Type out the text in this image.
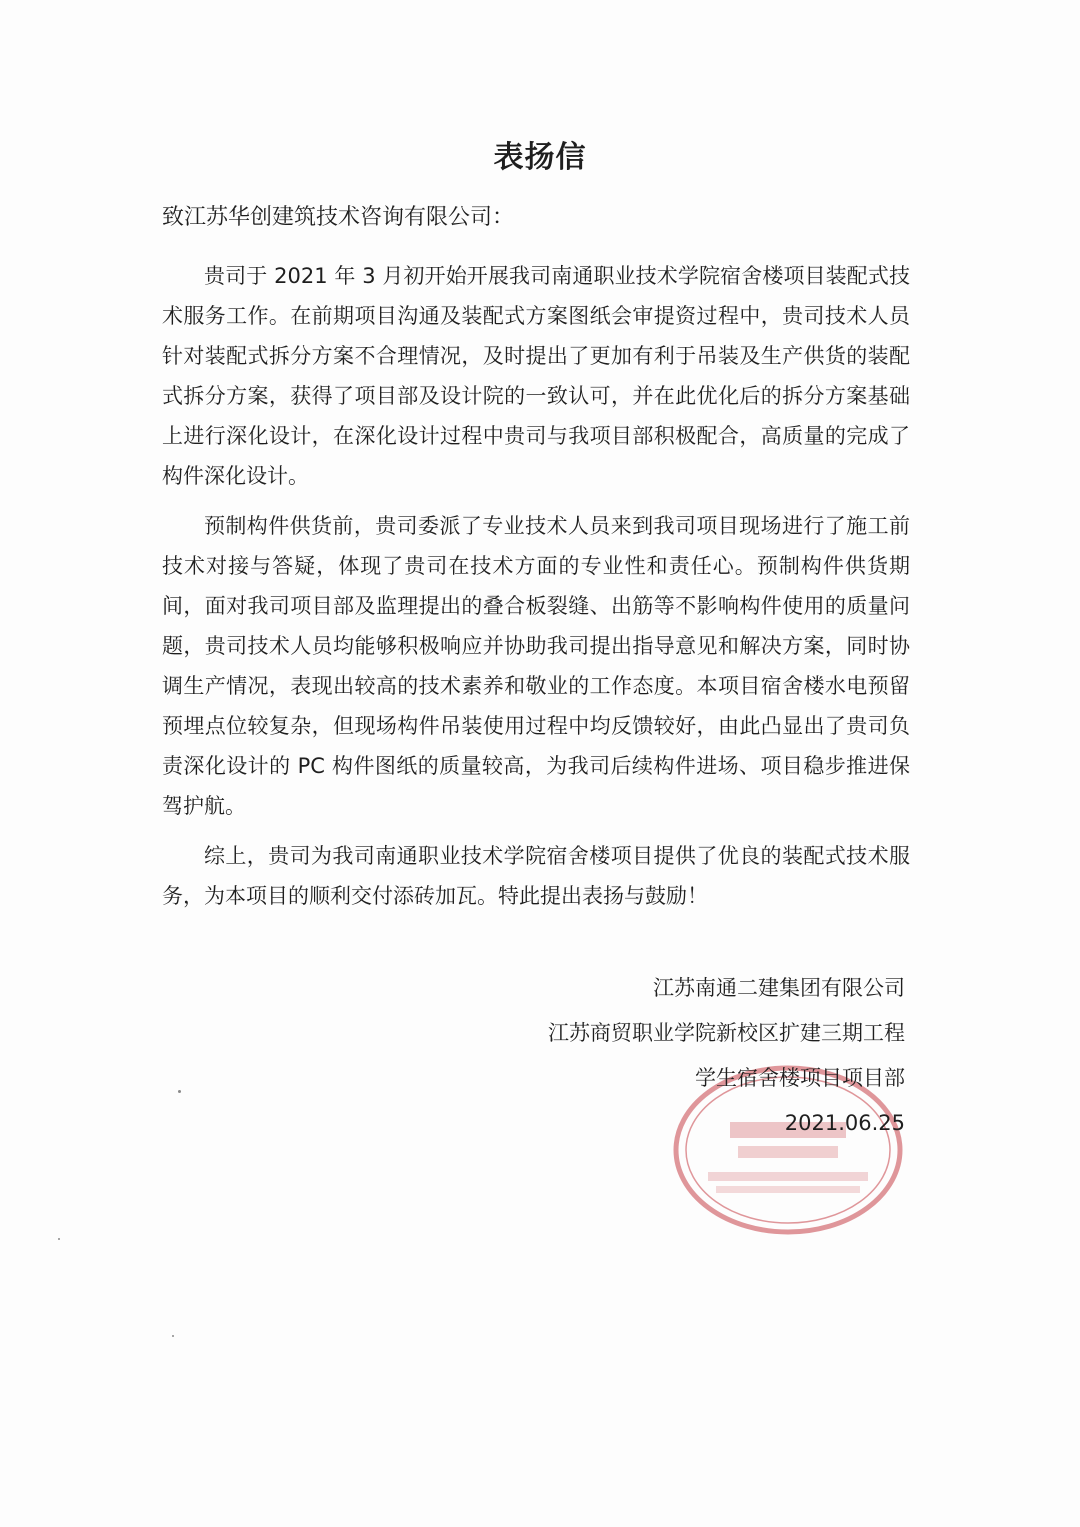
表扬信
致江苏华创建筑技术咨询有限公司：

贵司于 2021 年 3 月初开始开展我司南通职业技术学院宿舍楼项目装配式技术服务工作。在前期项目沟通及装配式方案图纸会审提资过程中，贵司技术人员针对装配式拆分方案不合理情况，及时提出了更加有利于吊装及生产供货的装配式拆分方案，获得了项目部及设计院的一致认可，并在此优化后的拆分方案基础上进行深化设计，在深化设计过程中贵司与我项目部积极配合，高质量的完成了构件深化设计。

预制构件供货前，贵司委派了专业技术人员来到我司项目现场进行了施工前技术对接与答疑，体现了贵司在技术方面的专业性和责任心。预制构件供货期间，面对我司项目部及监理提出的叠合板裂缝、出筋等不影响构件使用的质量问题，贵司技术人员均能够积极响应并协助我司提出指导意见和解决方案，同时协调生产情况，表现出较高的技术素养和敬业的工作态度。本项目宿舍楼水电预留预埋点位较复杂，但现场构件吊装使用过程中均反馈较好，由此凸显出了贵司负责深化设计的 PC 构件图纸的质量较高，为我司后续构件进场、项目稳步推进保驾护航。

综上，贵司为我司南通职业技术学院宿舍楼项目提供了优良的装配式技术服务，为本项目的顺利交付添砖加瓦。特此提出表扬与鼓励！

江苏南通二建集团有限公司
江苏商贸职业学院新校区扩建三期工程
学生宿舍楼项目项目部
2021.06.25
